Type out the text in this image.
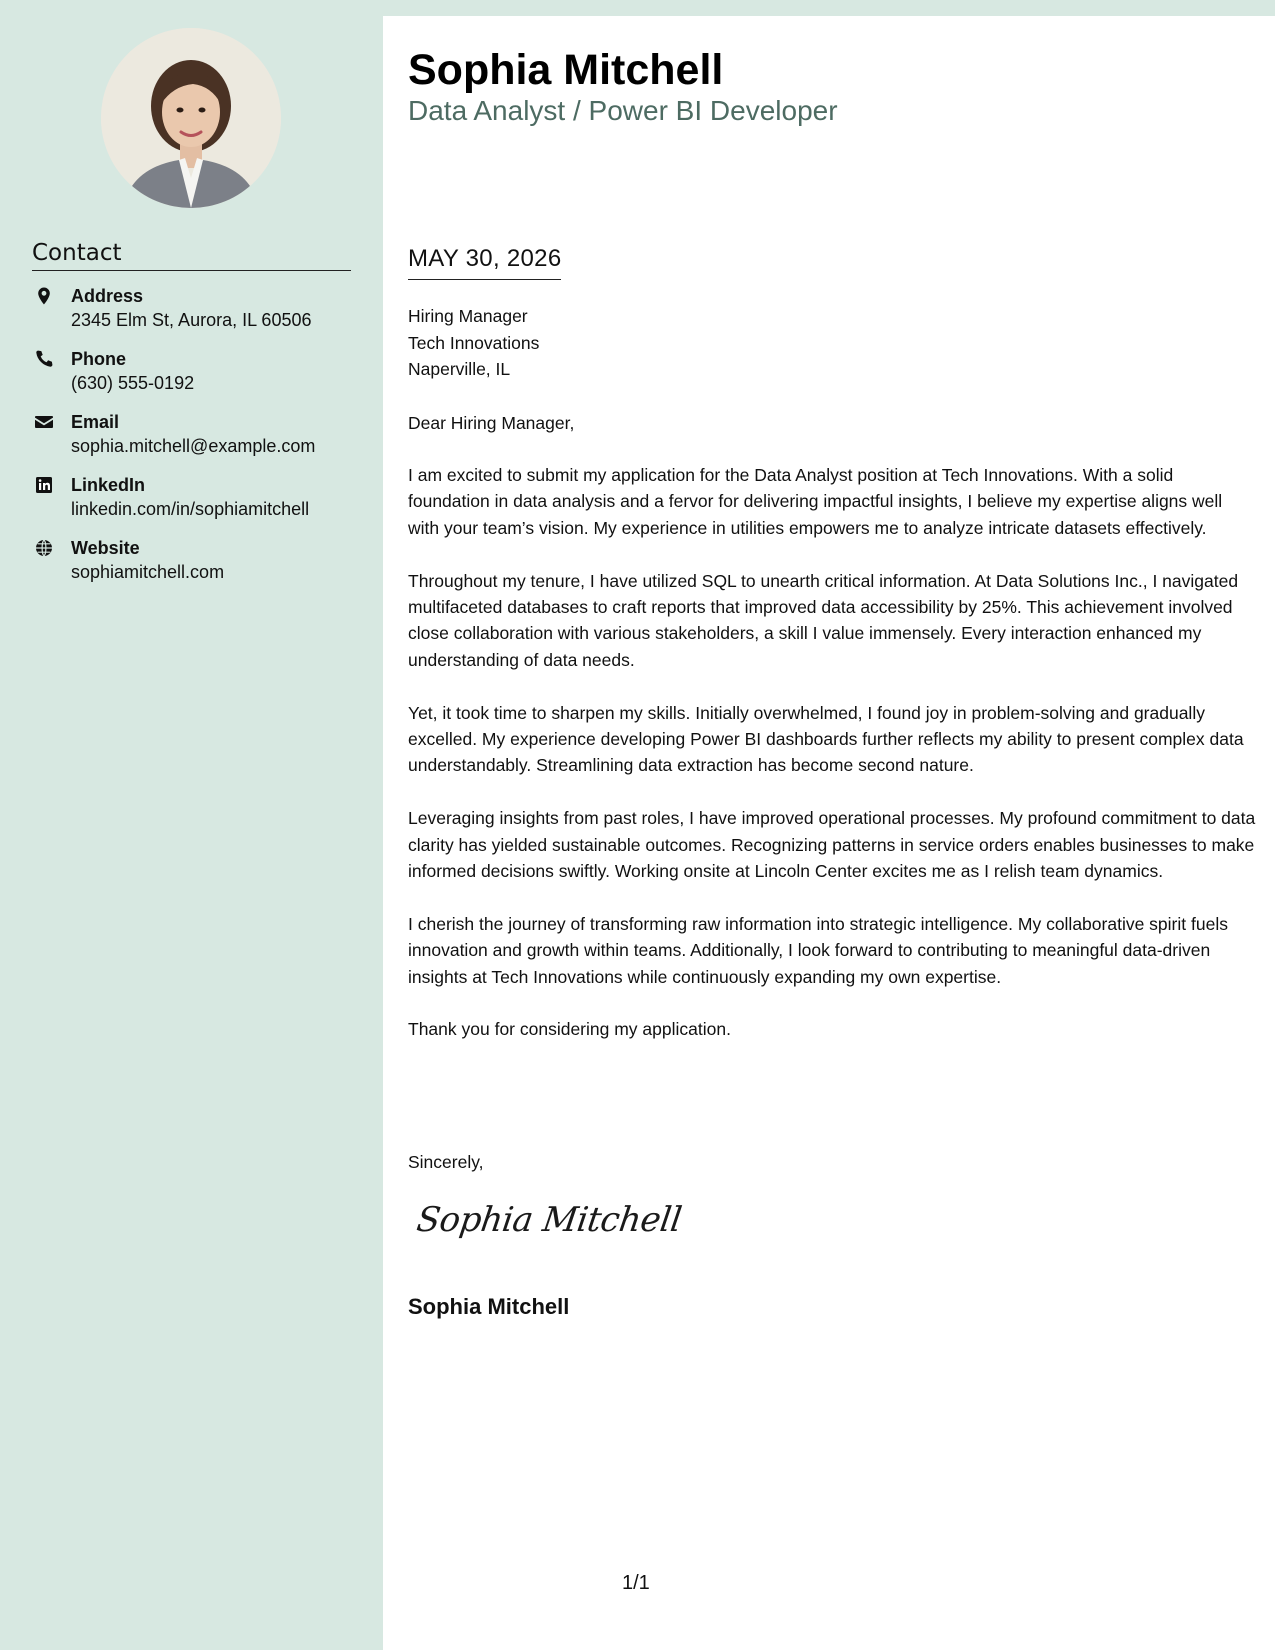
Contact
Address
2345 Elm St, Aurora, IL 60506
Phone
(630) 555-0192
Email
sophia.mitchell@example.com
LinkedIn
linkedin.com/in/sophiamitchell
Website
sophiamitchell.com
Sophia Mitchell
Data Analyst / Power BI Developer
MAY 30, 2026
Hiring Manager
Tech Innovations
Naperville, IL
Dear Hiring Manager,

I am excited to submit my application for the Data Analyst position at Tech Innovations. With a solid foundation in data analysis and a fervor for delivering impactful insights, I believe my expertise aligns well with your team’s vision. My experience in utilities empowers me to analyze intricate datasets effectively.

Throughout my tenure, I have utilized SQL to unearth critical information. At Data Solutions Inc., I navigated multifaceted databases to craft reports that improved data accessibility by 25%. This achievement involved close collaboration with various stakeholders, a skill I value immensely. Every interaction enhanced my understanding of data needs.

Yet, it took time to sharpen my skills. Initially overwhelmed, I found joy in problem-solving and gradually excelled. My experience developing Power BI dashboards further reflects my ability to present complex data understandably. Streamlining data extraction has become second nature.

Leveraging insights from past roles, I have improved operational processes. My profound commitment to data clarity has yielded sustainable outcomes. Recognizing patterns in service orders enables businesses to make informed decisions swiftly. Working onsite at Lincoln Center excites me as I relish team dynamics.

I cherish the journey of transforming raw information into strategic intelligence. My collaborative spirit fuels innovation and growth within teams. Additionally, I look forward to contributing to meaningful data-driven insights at Tech Innovations while continuously expanding my own expertise.

Thank you for considering my application.

Sincerely,
Sophia Mitchell
Sophia Mitchell
1/1
